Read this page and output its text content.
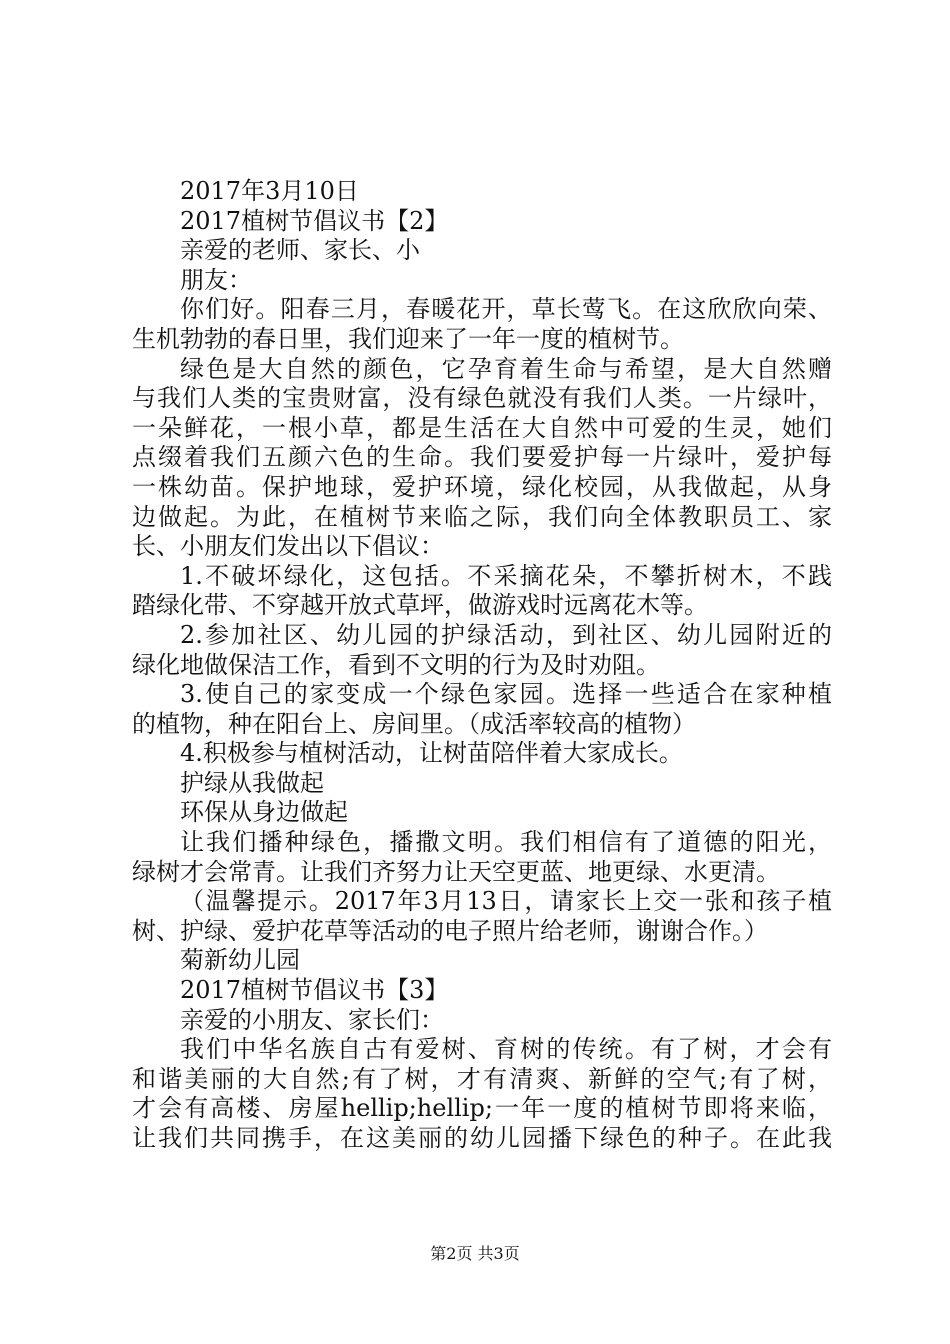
2017年3月10日
2017植树节倡议书【2】
亲爱的老师、家长、小
朋友：
你们好。阳春三月，春暖花开，草长莺飞。在这欣欣向荣、
生机勃勃的春日里，我们迎来了一年一度的植树节。
绿色是大自然的颜色，它孕育着生命与希望，是大自然赠
与我们人类的宝贵财富，没有绿色就没有我们人类。一片绿叶，
一朵鲜花，一根小草，都是生活在大自然中可爱的生灵，她们
点缀着我们五颜六色的生命。我们要爱护每一片绿叶，爱护每
一株幼苗。保护地球，爱护环境，绿化校园，从我做起，从身
边做起。为此，在植树节来临之际，我们向全体教职员工、家
长、小朋友们发出以下倡议：
1.不破坏绿化，这包括。不采摘花朵，不攀折树木，不践
踏绿化带、不穿越开放式草坪，做游戏时远离花木等。
2.参加社区、幼儿园的护绿活动，到社区、幼儿园附近的
绿化地做保洁工作，看到不文明的行为及时劝阻。
3.使自己的家变成一个绿色家园。选择一些适合在家种植
的植物，种在阳台上、房间里。（成活率较高的植物）
4.积极参与植树活动，让树苗陪伴着大家成长。
护绿从我做起
环保从身边做起
让我们播种绿色，播撒文明。我们相信有了道德的阳光，
绿树才会常青。让我们齐努力让天空更蓝、地更绿、水更清。
（温馨提示。2017年3月13日，请家长上交一张和孩子植
树、护绿、爱护花草等活动的电子照片给老师，谢谢合作。）
菊新幼儿园
2017植树节倡议书【3】
亲爱的小朋友、家长们：
我们中华名族自古有爱树、育树的传统。有了树，才会有
和谐美丽的大自然;有了树，才有清爽、新鲜的空气;有了树，
才会有高楼、房屋hellip;hellip;一年一度的植树节即将来临，
让我们共同携手，在这美丽的幼儿园播下绿色的种子。在此我
第2页 共3页
